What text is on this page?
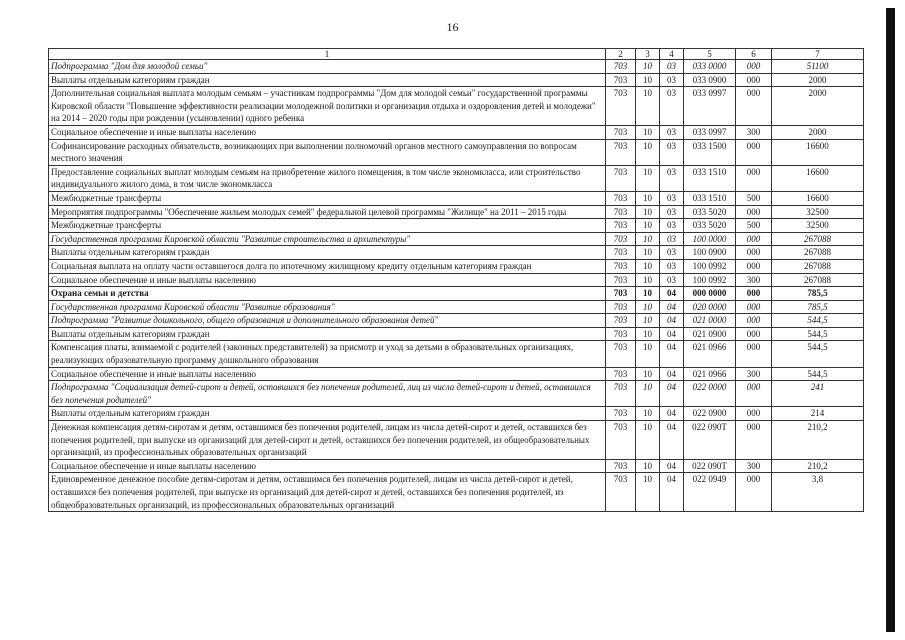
16
1	2	3	4	5	6	7
Подпрограмма "Дом для молодой семьи"	703	10	03	033 0000	000	51100
Выплаты отдельным категориям граждан	703	10	03	033 0900	000	2000
Дополнительная социальная выплата молодым семьям – участникам подпрограммы "Дом для молодой семьи" государственной программы Кировской области "Повышение эффективности реализации молодежной политики и организация отдыха и оздоровления детей и молодежи" на 2014 – 2020 годы при рождении (усыновлении) одного ребенка	703	10	03	033 0997	000	2000
Социальное обеспечение и иные выплаты населению	703	10	03	033 0997	300	2000
Софинансирование расходных обязательств, возникающих при выполнении полномочий органов местного самоуправления по вопросам местного значения	703	10	03	033 1500	000	16600
Предоставление социальных выплат молодым семьям на приобретение жилого помещения, в том числе экономкласса, или строительство индивидуального жилого дома, в том числе экономкласса	703	10	03	033 1510	000	16600
Межбюджетные трансферты	703	10	03	033 1510	500	16600
Мероприятия подпрограммы "Обеспечение жильем молодых семей" федеральной целевой программы "Жилище" на 2011 – 2015 годы	703	10	03	033 5020	000	32500
Межбюджетные трансферты	703	10	03	033 5020	500	32500
Государственная программа Кировской области "Развитие строительства и архитектуры"	703	10	03	100 0000	000	267088
Выплаты отдельным категориям граждан	703	10	03	100 0900	000	267088
Социальная выплата на оплату части оставшегося долга по ипотечному жилищному кредиту отдельным категориям граждан	703	10	03	100 0992	000	267088
Социальное обеспечение и иные выплаты населению	703	10	03	100 0992	300	267088
Охрана семьи и детства	703	10	04	000 0000	000	785,5
Государственная программа Кировской области "Развитие образования"	703	10	04	020 0000	000	785,5
Подпрограмма "Развитие дошкольного, общего образования и дополнительного образования детей"	703	10	04	021 0000	000	544,5
Выплаты отдельным категориям граждан	703	10	04	021 0900	000	544,5
Компенсация платы, взимаемой с родителей (законных представителей) за присмотр и уход за детьми в образовательных организациях, реализующих образовательную программу дошкольного образования	703	10	04	021 0966	000	544,5
Социальное обеспечение и иные выплаты населению	703	10	04	021 0966	300	544,5
Подпрограмма "Социализация детей-сирот и детей, оставшихся без попечения родителей, лиц из числа детей-сирот и детей, оставшихся без попечения родителей"	703	10	04	022 0000	000	241
Выплаты отдельным категориям граждан	703	10	04	022 0900	000	214
Денежная компенсация детям-сиротам и детям, оставшимся без попечения родителей, лицам из числа детей-сирот и детей, оставшихся без попечения родителей, при выпуске из организаций для детей-сирот и детей, оставшихся без попечения родителей, из общеобразовательных организаций, из профессиональных образовательных организаций	703	10	04	022 090Т	000	210,2
Социальное обеспечение и иные выплаты населению	703	10	04	022 090Т	300	210,2
Единовременное денежное пособие детям-сиротам и детям, оставшимся без попечения родителей, лицам из числа детей-сирот и детей, оставшихся без попечения родителей, при выпуске из организаций для детей-сирот и детей, оставшихся без попечения родителей, из общеобразовательных организаций, из профессиональных образовательных организаций	703	10	04	022 0949	000	3,8
